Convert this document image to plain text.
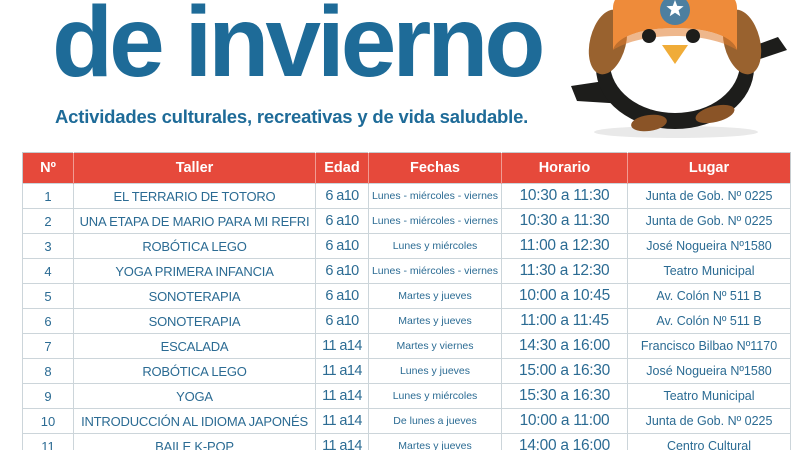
de invierno

Actividades culturales, recreativas y de vida saludable.

Nº	Taller	Edad	Fechas	Horario	Lugar
1	EL TERRARIO DE TOTORO	6 a10	Lunes - miércoles - viernes	10:30 a 11:30	Junta de Gob. Nº 0225
2	UNA ETAPA DE MARIO PARA MI REFRI	6 a10	Lunes - miércoles - viernes	10:30 a 11:30	Junta de Gob. Nº 0225
3	ROBÓTICA LEGO	6 a10	Lunes y miércoles	11:00 a 12:30	José Nogueira Nº1580
4	YOGA PRIMERA INFANCIA	6 a10	Lunes - miércoles - viernes	11:30 a 12:30	Teatro Municipal
5	SONOTERAPIA	6 a10	Martes y jueves	10:00 a 10:45	Av. Colón Nº 511 B
6	SONOTERAPIA	6 a10	Martes y jueves	11:00 a 11:45	Av. Colón Nº 511 B
7	ESCALADA	11 a14	Martes y viernes	14:30 a 16:00	Francisco Bilbao Nº1170
8	ROBÓTICA LEGO	11 a14	Lunes y jueves	15:00 a 16:30	José Nogueira Nº1580
9	YOGA	11 a14	Lunes y miércoles	15:30 a 16:30	Teatro Municipal
10	INTRODUCCIÓN AL IDIOMA JAPONÉS	11 a14	De lunes a jueves	10:00 a 11:00	Junta de Gob. Nº 0225
11	BAILE K-POP	11 a14	Martes y jueves	14:00 a 16:00	Centro Cultural
